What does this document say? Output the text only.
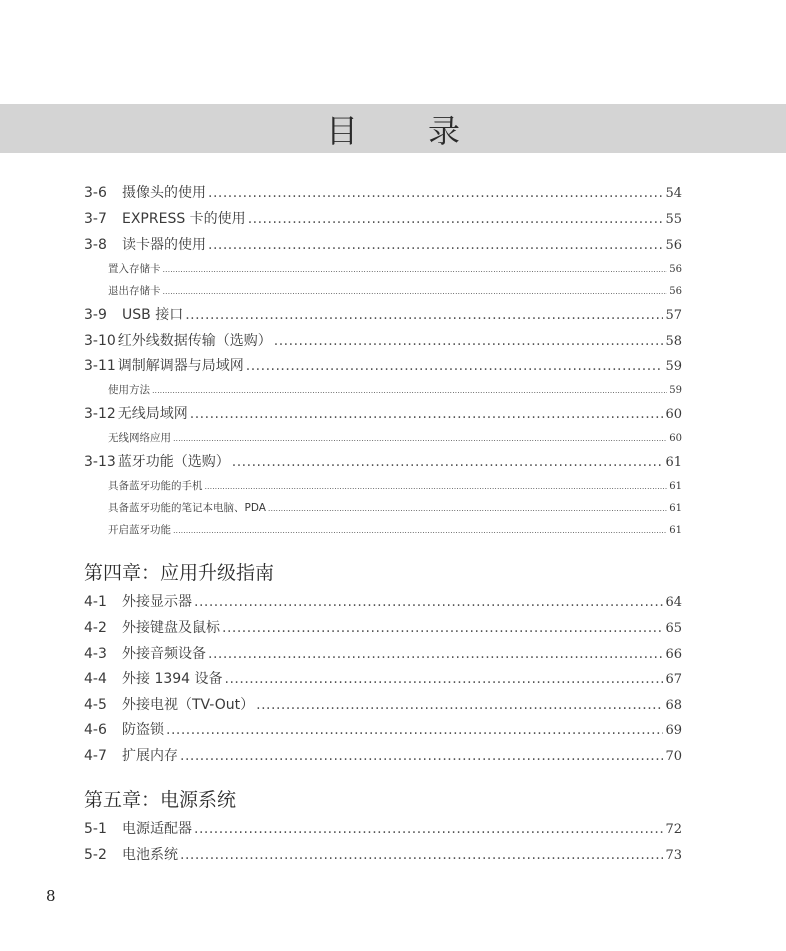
目录
3-6	摄像头的使用 .....	54
3-7	EXPRESS 卡的使用 .....	55
3-8	读卡器的使用 .....	56
置入存储卡 .....	56
退出存储卡 .....	56
3-9	USB 接口 .....	57
3-10 红外线数据传输（选购） .....	58
3-11 调制解调器与局域网 .....	59
使用方法 .....	59
3-12 无线局域网 .....	60
无线网络应用 .....	60
3-13 蓝牙功能（选购） .....	61
具备蓝牙功能的手机 .....	61
具备蓝牙功能的笔记本电脑、PDA .....	61
开启蓝牙功能 .....	61
第四章：应用升级指南
4-1	外接显示器 .....	64
4-2	外接键盘及鼠标 .....	65
4-3	外接音频设备 .....	66
4-4	外接 1394 设备 .....	67
4-5	外接电视（TV-Out） .....	68
4-6	防盗锁 .....	69
4-7	扩展内存 .....	70
第五章：电源系统
5-1	电源适配器 .....	72
5-2	电池系统 .....	73
8
